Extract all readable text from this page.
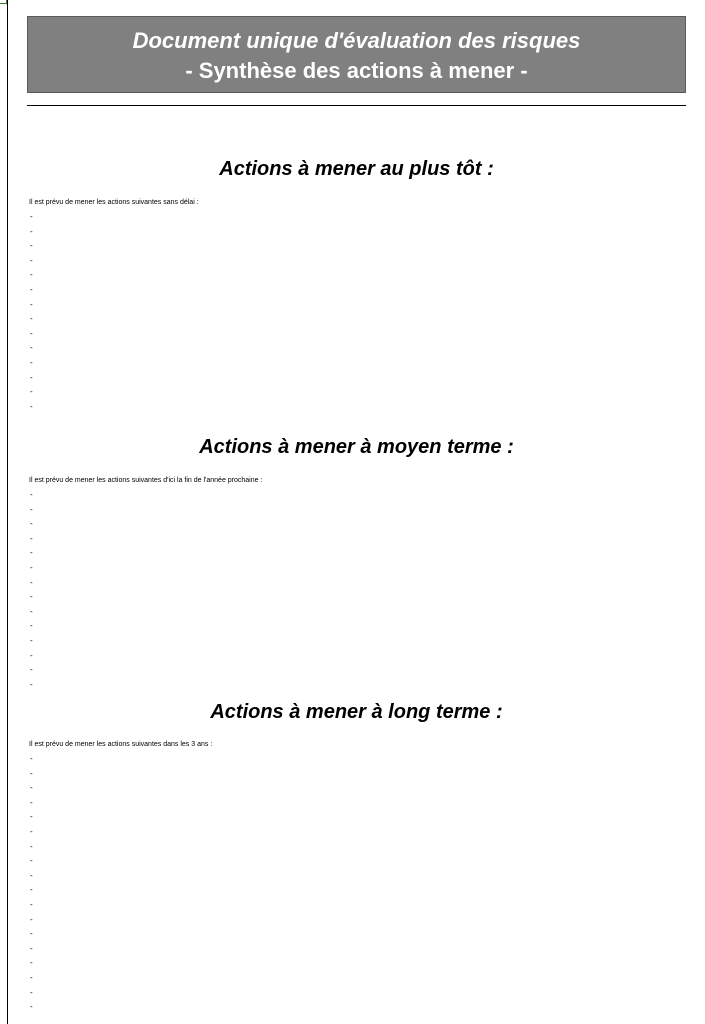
Document unique d'évaluation des risques
- Synthèse des actions à mener -
Actions à mener au plus tôt :
Il est prévu de mener les actions suivantes sans délai :
-
-
-
-
-
-
-
-
-
-
-
-
-
-
Actions à mener à moyen terme :
Il est prévu de mener les actions suivantes d'ici la fin de l'année prochaine :
-
-
-
-
-
-
-
-
-
-
-
-
-
-
Actions à mener à long terme :
Il est prévu de mener les actions suivantes dans les 3 ans :
-
-
-
-
-
-
-
-
-
-
-
-
-
-
-
-
-
-
